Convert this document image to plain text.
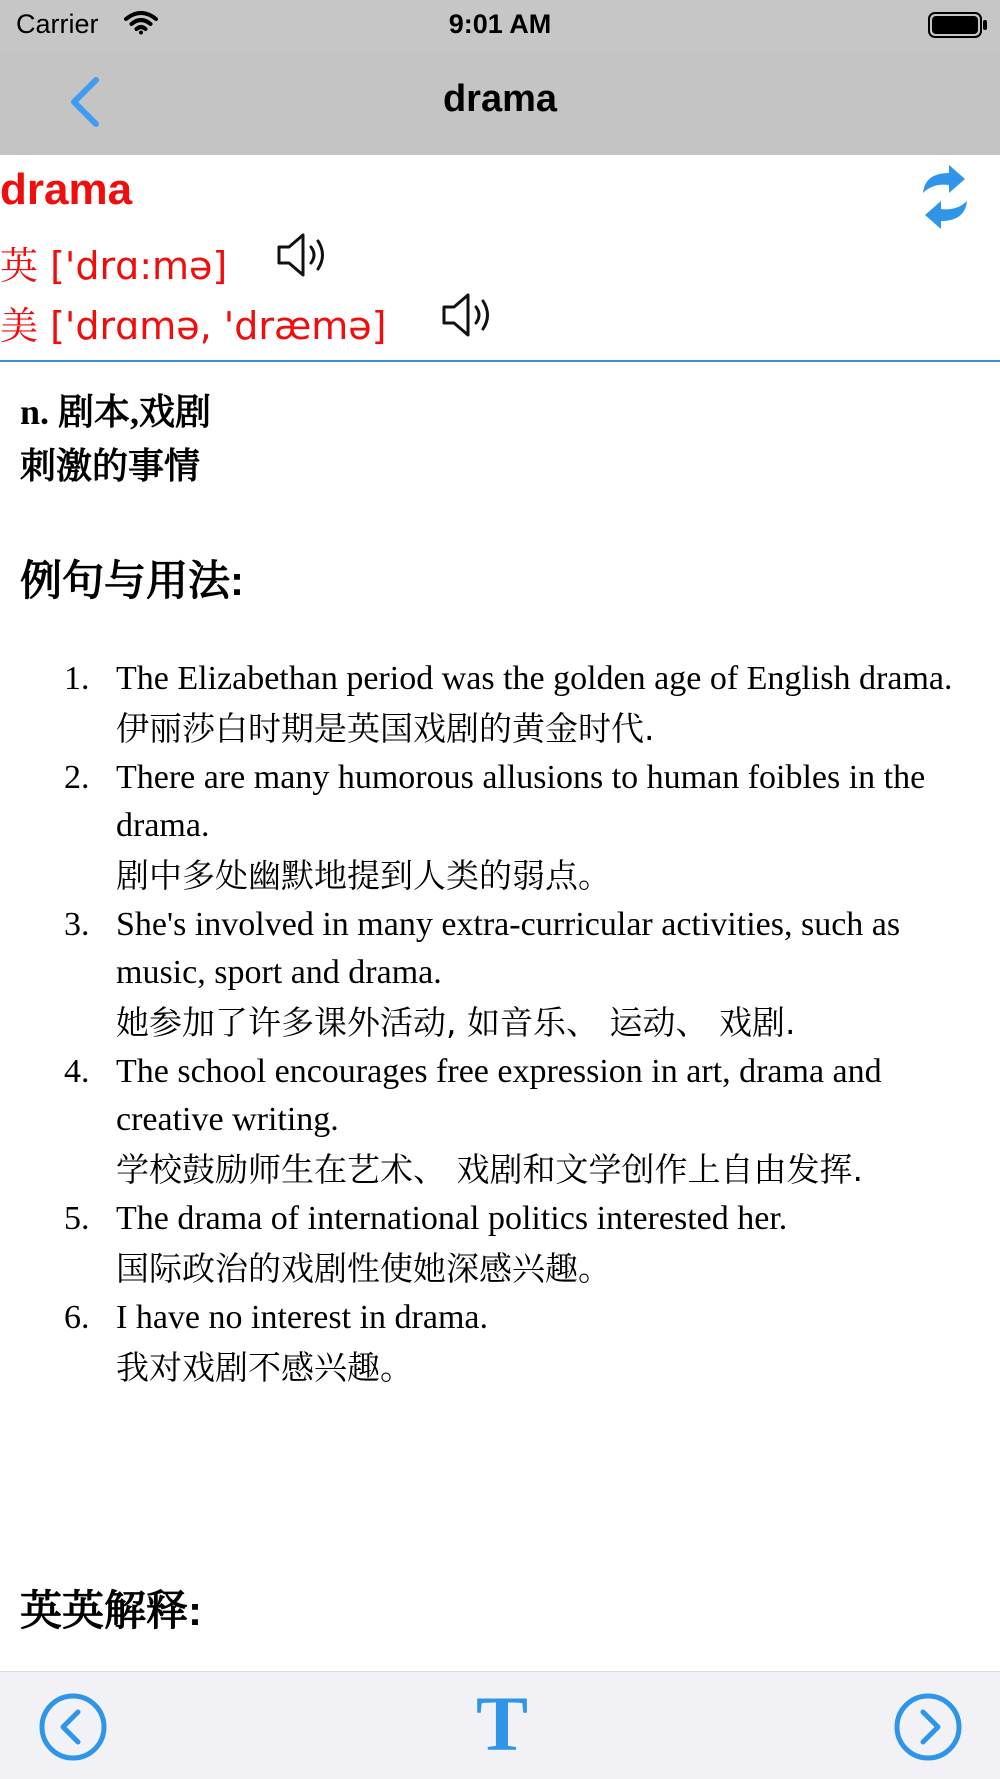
Carrier	9:01 AM
drama
drama
英 ['drɑ:mə]
美 ['drɑmə, 'dræmə]
n. 剧本,戏剧
刺激的事情
例句与用法:
1. The Elizabethan period was the golden age of English drama.
伊丽莎白时期是英国戏剧的黄金时代.
2. There are many humorous allusions to human foibles in the drama.
剧中多处幽默地提到人类的弱点。
3. She's involved in many extra-curricular activities, such as music, sport and drama.
她参加了许多课外活动, 如音乐、 运动、 戏剧.
4. The school encourages free expression in art, drama and creative writing.
学校鼓励师生在艺术、 戏剧和文学创作上自由发挥.
5. The drama of international politics interested her.
国际政治的戏剧性使她深感兴趣。
6. I have no interest in drama.
我对戏剧不感兴趣。
英英解释:
T
